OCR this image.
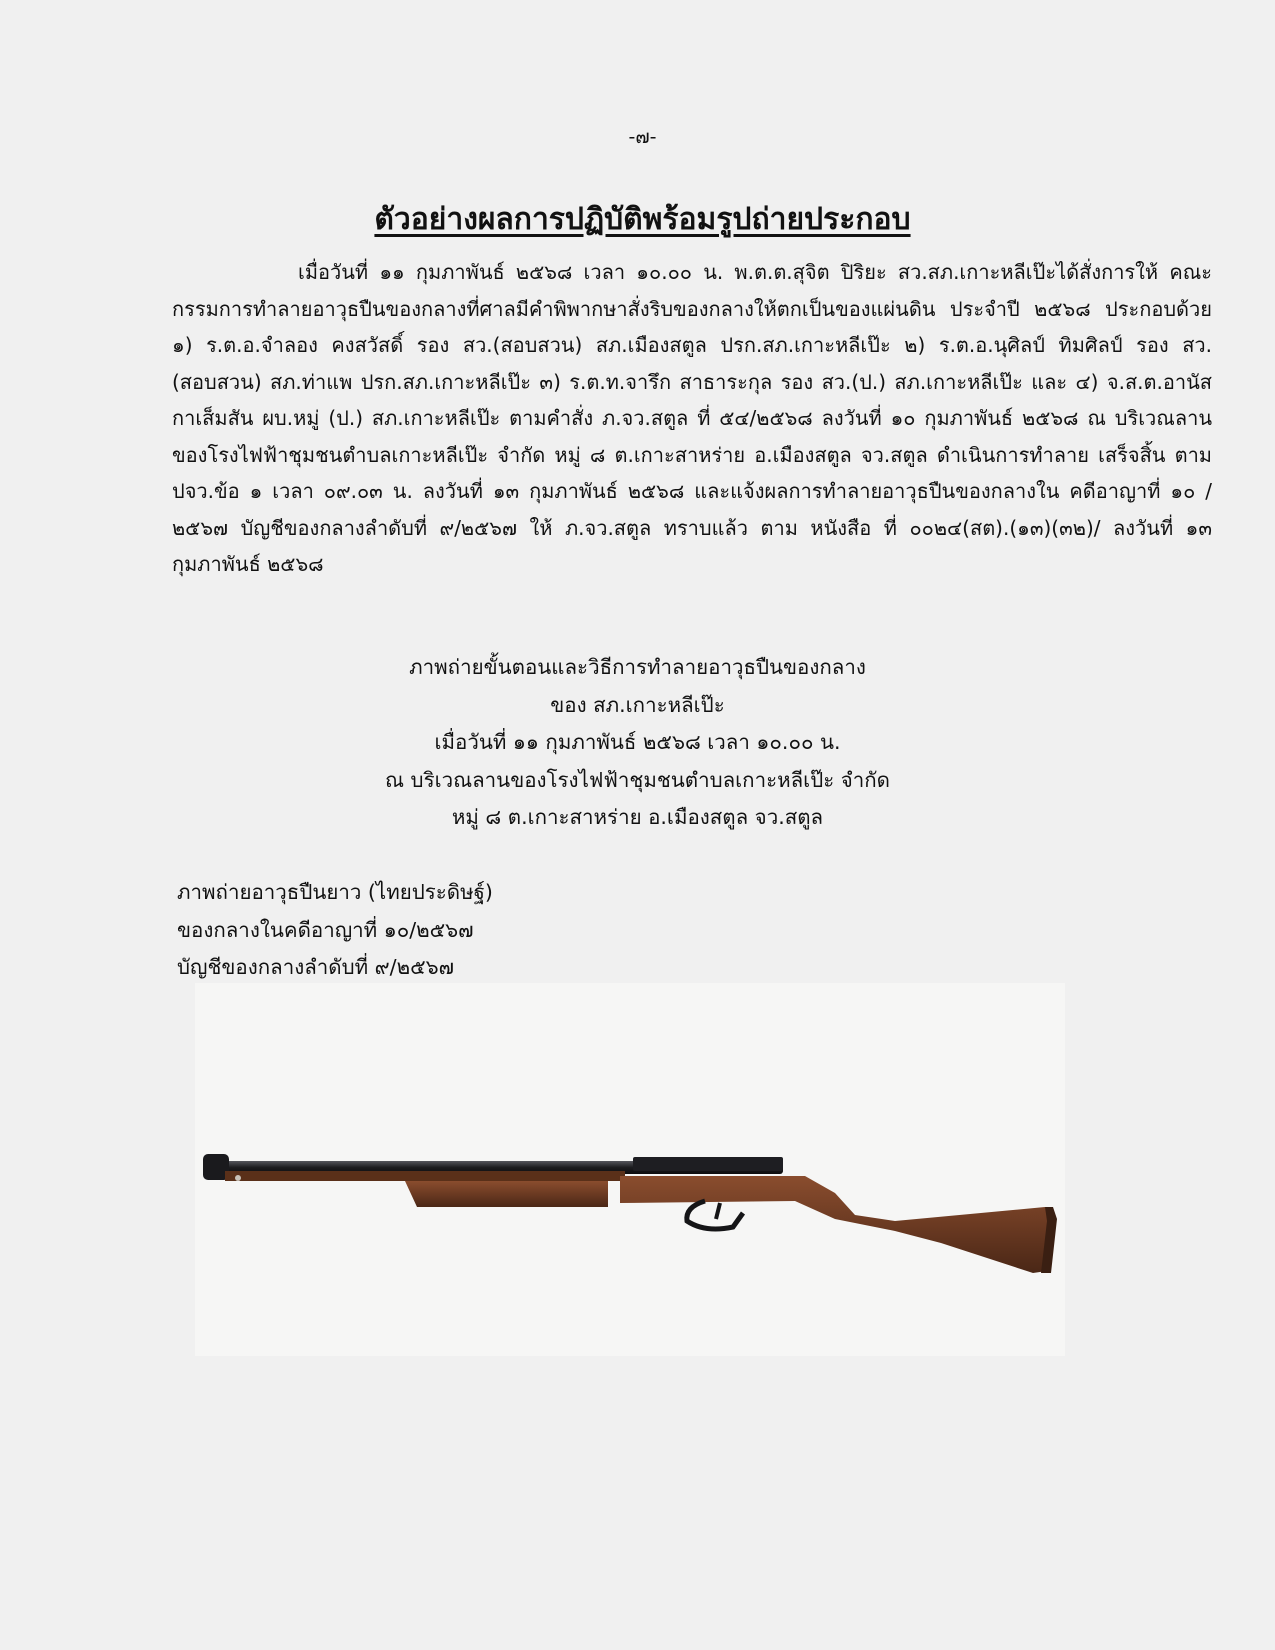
-๗-
ตัวอย่างผลการปฏิบัติพร้อมรูปถ่ายประกอบ
เมื่อวันที่ ๑๑ กุมภาพันธ์ ๒๕๖๘ เวลา ๑๐.๐๐ น. พ.ต.ต.สุจิต ปิริยะ สว.สภ.เกาะหลีเป๊ะได้สั่งการให้ คณะกรรมการทำลายอาวุธปืนของกลางที่ศาลมีคำพิพากษาสั่งริบของกลางให้ตกเป็นของแผ่นดิน ประจำปี ๒๕๖๘ ประกอบด้วย ๑) ร.ต.อ.จำลอง คงสวัสดิ์ รอง สว.(สอบสวน) สภ.เมืองสตูล ปรก.สภ.เกาะหลีเป๊ะ ๒) ร.ต.อ.นุศิลป์ ทิมศิลป์ รอง สว.(สอบสวน) สภ.ท่าแพ ปรก.สภ.เกาะหลีเป๊ะ ๓) ร.ต.ท.จารึก สาธาระกุล รอง สว.(ป.) สภ.เกาะหลีเป๊ะ และ ๔) จ.ส.ต.อานัส กาเส็มสัน ผบ.หมู่ (ป.) สภ.เกาะหลีเป๊ะ ตามคำสั่ง ภ.จว.สตูล ที่ ๕๔/๒๕๖๘ ลงวันที่ ๑๐ กุมภาพันธ์ ๒๕๖๘ ณ บริเวณลานของโรงไฟฟ้าชุมชนตำบลเกาะหลีเป๊ะ จำกัด หมู่ ๘ ต.เกาะสาหร่าย อ.เมืองสตูล จว.สตูล ดำเนินการทำลาย เสร็จสิ้น ตาม ปจว.ข้อ ๑ เวลา ๐๙.๐๓ น. ลงวันที่ ๑๓ กุมภาพันธ์ ๒๕๖๘ และแจ้งผลการทำลายอาวุธปืนของกลางใน คดีอาญาที่ ๑๐ /๒๕๖๗ บัญชีของกลางลำดับที่ ๙/๒๕๖๗ ให้ ภ.จว.สตูล ทราบแล้ว ตาม หนังสือ ที่ ๐๐๒๔(สต).(๑๓)(๓๒)/ ลงวันที่ ๑๓ กุมภาพันธ์ ๒๕๖๘
ภาพถ่ายขั้นตอนและวิธีการทำลายอาวุธปืนของกลาง
ของ สภ.เกาะหลีเป๊ะ
เมื่อวันที่ ๑๑ กุมภาพันธ์ ๒๕๖๘ เวลา ๑๐.๐๐ น.
ณ บริเวณลานของโรงไฟฟ้าชุมชนตำบลเกาะหลีเป๊ะ จำกัด
หมู่ ๘ ต.เกาะสาหร่าย อ.เมืองสตูล จว.สตูล
ภาพถ่ายอาวุธปืนยาว (ไทยประดิษฐ์)
ของกลางในคดีอาญาที่ ๑๐/๒๕๖๗
บัญชีของกลางลำดับที่ ๙/๒๕๖๗
